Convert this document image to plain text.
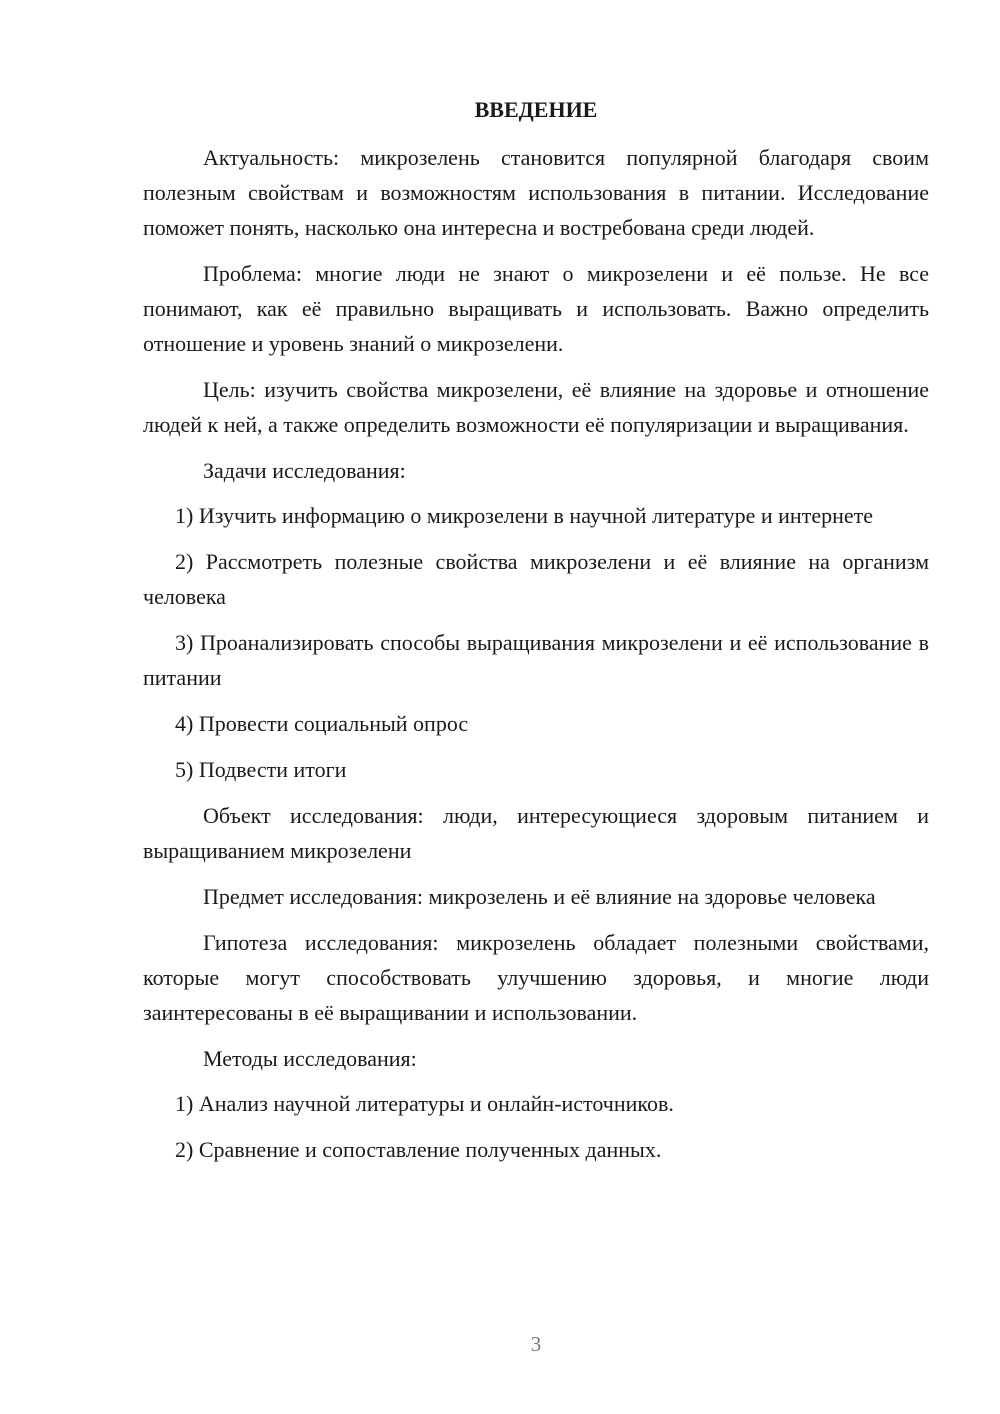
ВВЕДЕНИЕ

Актуальность: микрозелень становится популярной благодаря своим полезным свойствам и возможностям использования в питании. Исследование поможет понять, насколько она интересна и востребована среди людей.

Проблема: многие люди не знают о микрозелени и её пользе. Не все понимают, как её правильно выращивать и использовать. Важно определить отношение и уровень знаний о микрозелени.

Цель: изучить свойства микрозелени, её влияние на здоровье и отношение людей к ней, а также определить возможности её популяризации и выращивания.

Задачи исследования:

1) Изучить информацию о микрозелени в научной литературе и интернете

2) Рассмотреть полезные свойства микрозелени и её влияние на организм человека

3) Проанализировать способы выращивания микрозелени и её использование в питании

4) Провести социальный опрос

5) Подвести итоги

Объект исследования: люди, интересующиеся здоровым питанием и выращиванием микрозелени

Предмет исследования: микрозелень и её влияние на здоровье человека

Гипотеза исследования: микрозелень обладает полезными свойствами, которые могут способствовать улучшению здоровья, и многие люди заинтересованы в её выращивании и использовании.

Методы исследования:

1) Анализ научной литературы и онлайн-источников.

2) Сравнение и сопоставление полученных данных.

3
